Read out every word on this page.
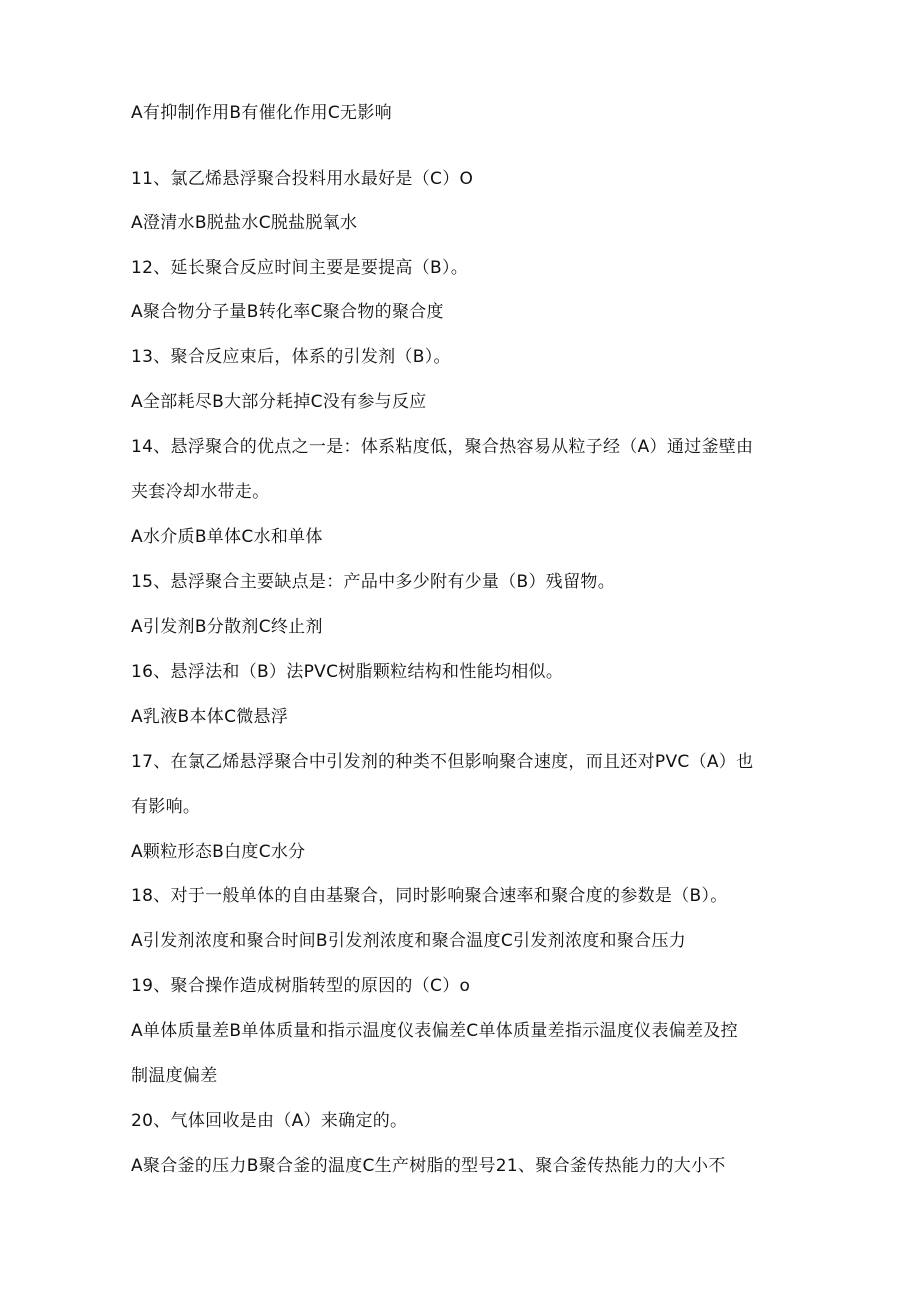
A有抑制作用B有催化作用C无影响
11、氯乙烯悬浮聚合投料用水最好是（C）O
A澄清水B脱盐水C脱盐脱氧水
12、延长聚合反应时间主要是要提高（B）。
A聚合物分子量B转化率C聚合物的聚合度
13、聚合反应束后，体系的引发剂（B）。
A全部耗尽B大部分耗掉C没有参与反应
14、悬浮聚合的优点之一是：体系粘度低，聚合热容易从粒子经（A）通过釜壁由
夹套冷却水带走。
A水介质B单体C水和单体
15、悬浮聚合主要缺点是：产品中多少附有少量（B）残留物。
A引发剂B分散剂C终止剂
16、悬浮法和（B）法PVC树脂颗粒结构和性能均相似。
A乳液B本体C微悬浮
17、在氯乙烯悬浮聚合中引发剂的种类不但影响聚合速度，而且还对PVC（A）也
有影响。
A颗粒形态B白度C水分
18、对于一般单体的自由基聚合，同时影响聚合速率和聚合度的参数是（B）。
A引发剂浓度和聚合时间B引发剂浓度和聚合温度C引发剂浓度和聚合压力
19、聚合操作造成树脂转型的原因的（C）o
A单体质量差B单体质量和指示温度仪表偏差C单体质量差指示温度仪表偏差及控
制温度偏差
20、气体回收是由（A）来确定的。
A聚合釜的压力B聚合釜的温度C生产树脂的型号21、聚合釜传热能力的大小不
